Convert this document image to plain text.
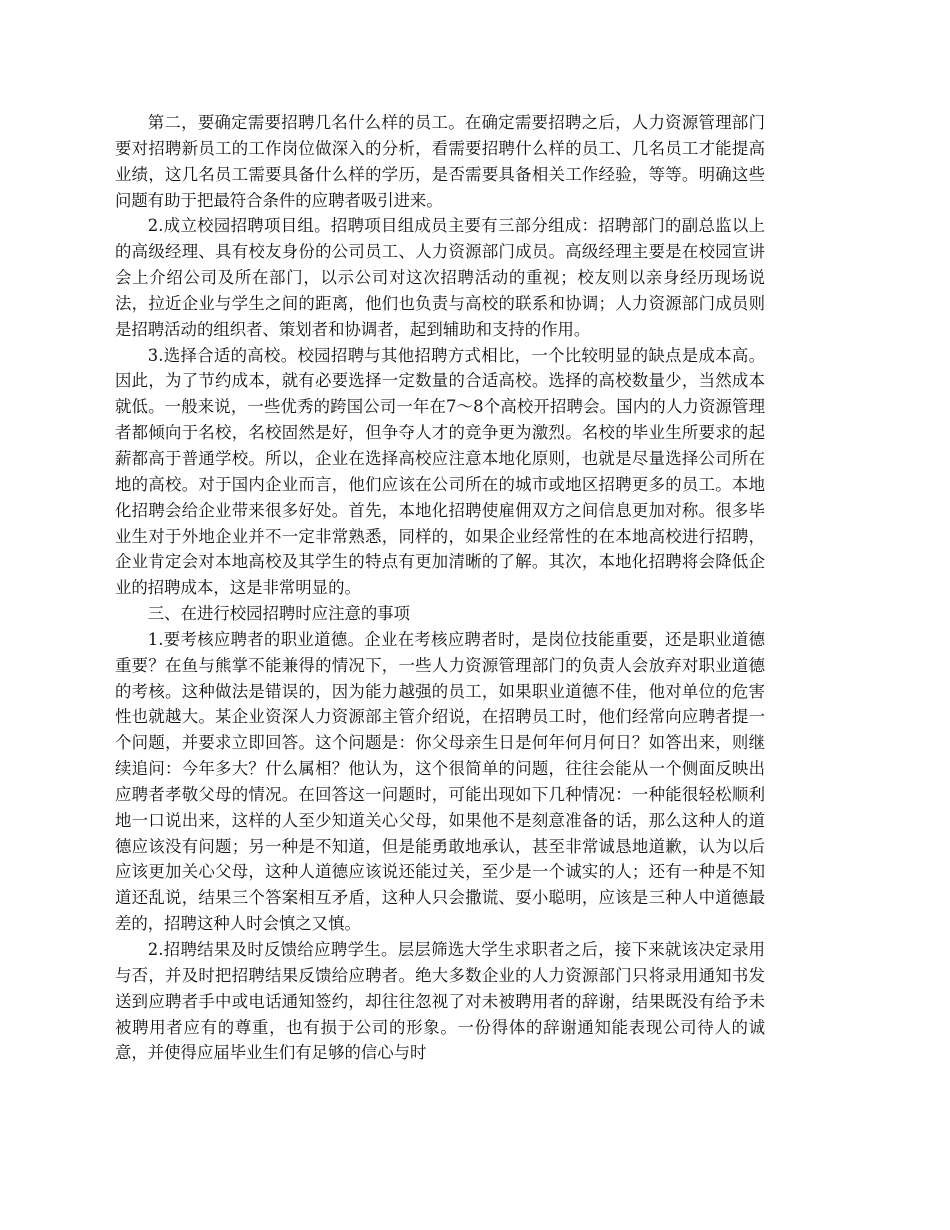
第二，要确定需要招聘几名什么样的员工。在确定需要招聘之后，人力资源管理部门要对招聘新员工的工作岗位做深入的分析，看需要招聘什么样的员工、几名员工才能提高业绩，这几名员工需要具备什么样的学历，是否需要具备相关工作经验，等等。明确这些问题有助于把最符合条件的应聘者吸引进来。

2.成立校园招聘项目组。招聘项目组成员主要有三部分组成：招聘部门的副总监以上的高级经理、具有校友身份的公司员工、人力资源部门成员。高级经理主要是在校园宣讲会上介绍公司及所在部门，以示公司对这次招聘活动的重视；校友则以亲身经历现场说法，拉近企业与学生之间的距离，他们也负责与高校的联系和协调；人力资源部门成员则是招聘活动的组织者、策划者和协调者，起到辅助和支持的作用。

3.选择合适的高校。校园招聘与其他招聘方式相比，一个比较明显的缺点是成本高。因此，为了节约成本，就有必要选择一定数量的合适高校。选择的高校数量少，当然成本就低。一般来说，一些优秀的跨国公司一年在7～8个高校开招聘会。国内的人力资源管理者都倾向于名校，名校固然是好，但争夺人才的竞争更为激烈。名校的毕业生所要求的起薪都高于普通学校。所以，企业在选择高校应注意本地化原则，也就是尽量选择公司所在地的高校。对于国内企业而言，他们应该在公司所在的城市或地区招聘更多的员工。本地化招聘会给企业带来很多好处。首先，本地化招聘使雇佣双方之间信息更加对称。很多毕业生对于外地企业并不一定非常熟悉，同样的，如果企业经常性的在本地高校进行招聘，企业肯定会对本地高校及其学生的特点有更加清晰的了解。其次，本地化招聘将会降低企业的招聘成本，这是非常明显的。

三、在进行校园招聘时应注意的事项

1.要考核应聘者的职业道德。企业在考核应聘者时，是岗位技能重要，还是职业道德重要？在鱼与熊掌不能兼得的情况下，一些人力资源管理部门的负责人会放弃对职业道德的考核。这种做法是错误的，因为能力越强的员工，如果职业道德不佳，他对单位的危害性也就越大。某企业资深人力资源部主管介绍说，在招聘员工时，他们经常向应聘者提一个问题，并要求立即回答。这个问题是：你父母亲生日是何年何月何日？如答出来，则继续追问：今年多大？什么属相？他认为，这个很简单的问题，往往会能从一个侧面反映出应聘者孝敬父母的情况。在回答这一问题时，可能出现如下几种情况：一种能很轻松顺利地一口说出来，这样的人至少知道关心父母，如果他不是刻意准备的话，那么这种人的道德应该没有问题；另一种是不知道，但是能勇敢地承认，甚至非常诚恳地道歉，认为以后应该更加关心父母，这种人道德应该说还能过关，至少是一个诚实的人；还有一种是不知道还乱说，结果三个答案相互矛盾，这种人只会撒谎、耍小聪明，应该是三种人中道德最差的，招聘这种人时会慎之又慎。

2.招聘结果及时反馈给应聘学生。层层筛选大学生求职者之后，接下来就该决定录用与否，并及时把招聘结果反馈给应聘者。绝大多数企业的人力资源部门只将录用通知书发送到应聘者手中或电话通知签约，却往往忽视了对未被聘用者的辞谢，结果既没有给予未被聘用者应有的尊重，也有损于公司的形象。一份得体的辞谢通知能表现公司待人的诚意，并使得应届毕业生们有足够的信心与时
